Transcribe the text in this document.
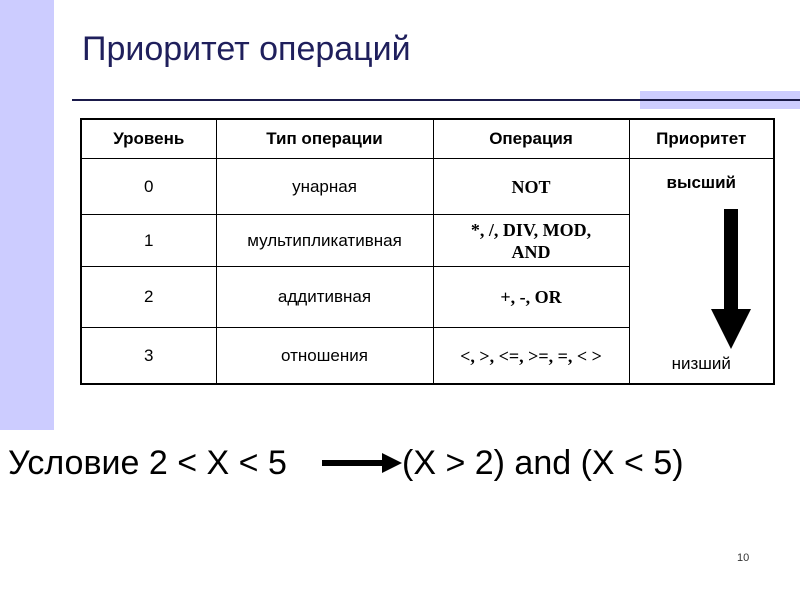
Приоритет операций
Уровень	Тип операции	Операция	Приоритет
0	унарная	NOT	высший
низший

1	мультипликативная	*, /, DIV, MOD,
AND	

2	аддитивная	+, -, OR	
3	отношения	<, >, <=, >=, =, < >	
Условие 2 < X < 5	(X > 2) and (X < 5)
10
